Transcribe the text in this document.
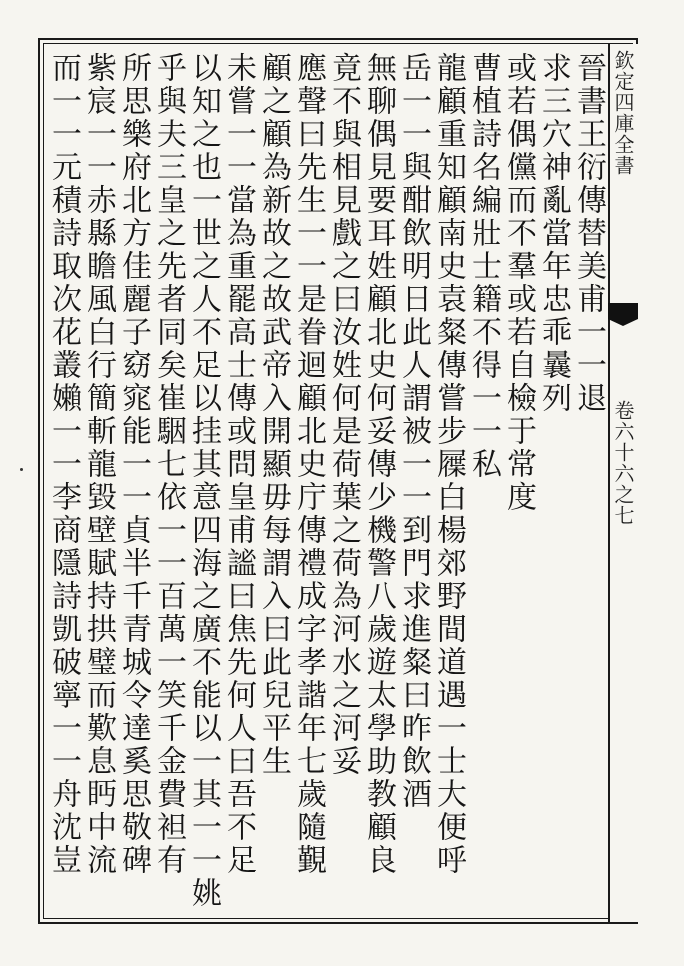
欽定四庫全書
卷六十六之七
晉書王衍傳替美甫一一退
求三穴神亂當年忠乖曩列
或若偶儻而不羣或若自檢于常度
曹植詩名編壯士籍不得一一私
龍顧重知顧南史袁粲傳嘗步屧白楊郊野間道遇一士大便呼
岳一一與酣飲明日此人謂被一一到門求進粲曰昨飲酒
無聊偶見要耳姓顧北史何妥傳少機警八歲遊太學助教顧良
竟不與相見戲之曰汝姓何是荷葉之荷為河水之河妥
應聲曰先生一一是眷迴顧北史庁傳禮成字孝諧年七歲隨覲
顧之顧為新故之故武帝入開顯毋每謂入曰此兒平生
未嘗一一當為重罷高士傳或問皇甫謐曰焦先何人曰吾不足
以知之也一世之人不足以挂其意四海之廣不能以一其一一姚
乎與夫三皇之先者同矣崔駰七依一一百萬一笑千金費袒有
所思樂府北方佳麗子窈窕能一一貞半千青城令達奚思敬碑
紫宸一一赤縣瞻風白行簡斬龍毀壁賦持拱璧而歎息眄中流
而一一元積詩取次花叢嬾一一李商隱詩凱破寧一一舟沈豈
